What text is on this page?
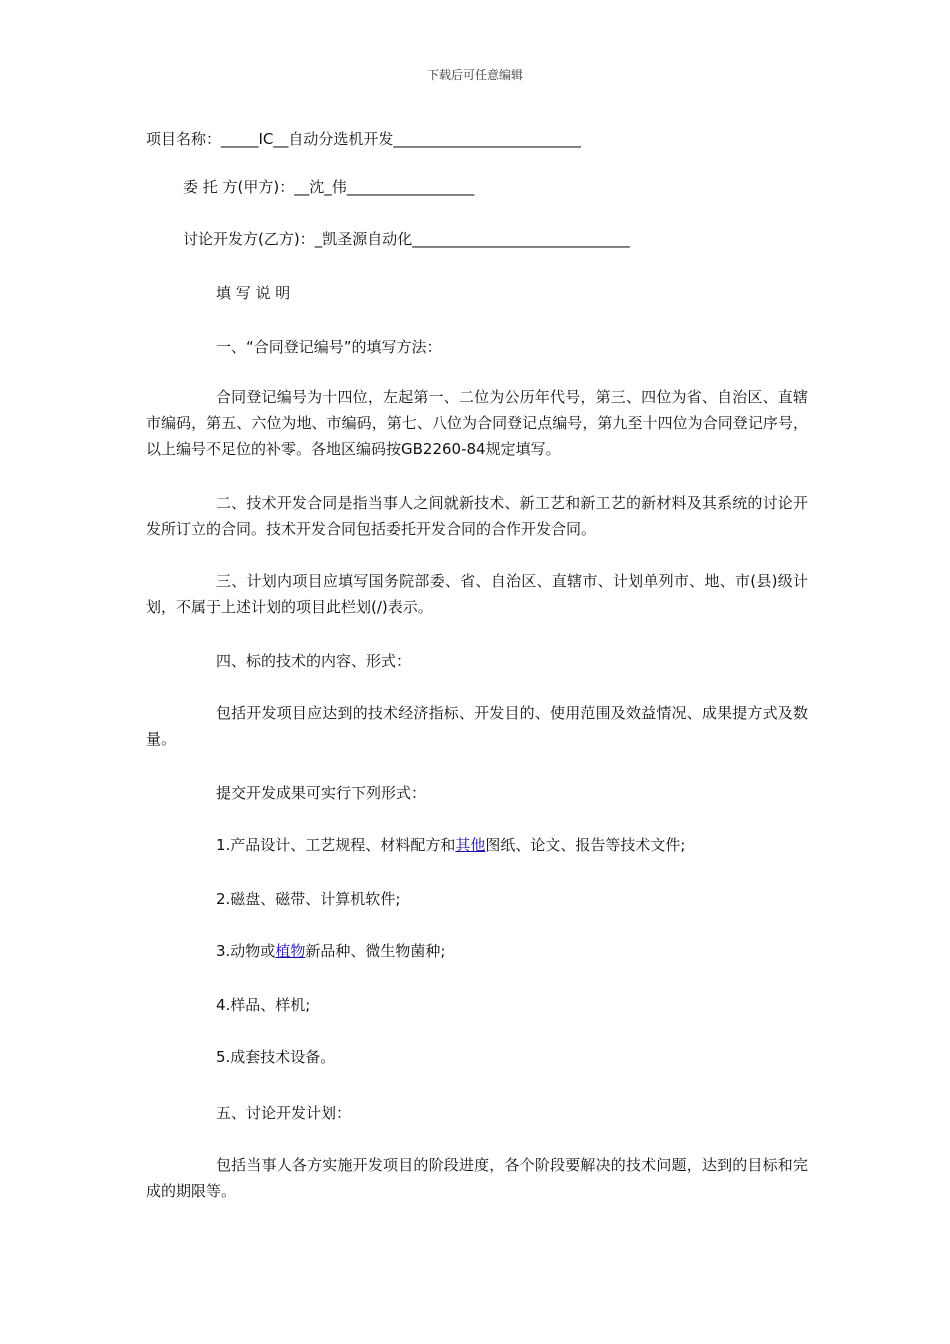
下载后可任意编辑
项目名称：_____IC__自动分选机开发_________________________
委 托 方(甲方)：__沈_伟_________________
讨论开发方(乙方)：_凯圣源自动化_____________________________
填 写 说 明
一、“合同登记编号”的填写方法：
合同登记编号为十四位，左起第一、二位为公历年代号，第三、四位为省、自治区、直辖市编码，第五、六位为地、市编码，第七、八位为合同登记点编号，第九至十四位为合同登记序号，以上编号不足位的补零。各地区编码按GB2260-84规定填写。
二、技术开发合同是指当事人之间就新技术、新工艺和新工艺的新材料及其系统的讨论开发所订立的合同。技术开发合同包括委托开发合同的合作开发合同。
三、计划内项目应填写国务院部委、省、自治区、直辖市、计划单列市、地、市(县)级计划，不属于上述计划的项目此栏划(/)表示。
四、标的技术的内容、形式：
包括开发项目应达到的技术经济指标、开发目的、使用范围及效益情况、成果提方式及数量。
提交开发成果可实行下列形式：
1.产品设计、工艺规程、材料配方和其他图纸、论文、报告等技术文件;
2.磁盘、磁带、计算机软件;
3.动物或植物新品种、微生物菌种;
4.样品、样机;
5.成套技术设备。
五、讨论开发计划：
包括当事人各方实施开发项目的阶段进度，各个阶段要解决的技术问题，达到的目标和完成的期限等。
